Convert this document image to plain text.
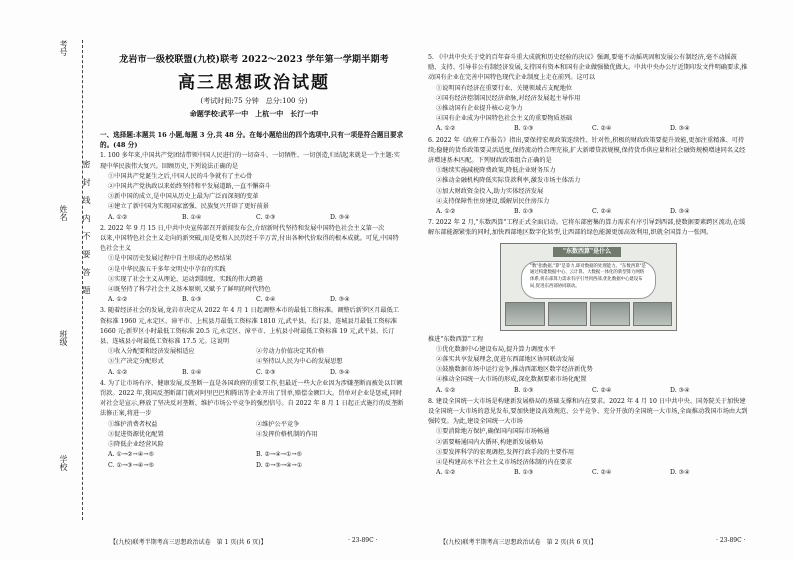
考号
姓名
班级
学校
密封线内不要答题
龙岩市一级校联盟(九校)联考 2022～2023 学年第一学期半期考
高三思想政治试题
(考试时间:75 分钟　总分:100 分)
命题学校:武平一中　上杭一中　长汀一中

一、选择题:本题共 16 小题,每题 3 分,共 48 分。在每小题给出的四个选项中,只有一项是符合题目要求的。(48 分)

1. 100 多年来,中国共产党团结带领中国人民进行的一切奋斗、一切牺牲、一切创造,归结起来就是一个主题:实现中华民族伟大复兴。回顾历史,下列说法正确的是

①中国共产党诞生之后,中国人民的斗争就有了主心骨

②中国共产党执政以来始终坚持和平发展道路,一直不懈奋斗

③新中国的成立,是中国从历史上最为广泛而深刻的变革

④建立了新中国为实现国家富强、民族复兴开辟了更好前景

A. ①②	B. ①④	C. ②③	D. ③④

2. 2022 年 9 月 15 日,中共中央宣传部召开新闻发布会,介绍新时代坚持和发展中国特色社会主义第一次

以来,中国特色社会主义走向的新突破,而是党和人民历经千辛万苦,付出各种代价取得的根本成就。可见,中国特色社会主义

①是中国历史发展过程中自主形成的必然结果

②是中华民族五千多年文明史中孕育的实践

③实现了社会主义从理论、运动到制度、实践的伟大跨越

④既坚持了科学社会主义基本原则,又赋予了鲜明的时代特色

A. ①②	B. ①③	C. ②④	D. ③④

3. 随着经济社会的发展,龙岩市决定从 2022 年 4 月 1 日起调整本市的最低工资标准。调整后新罗区月最低工资标准 1960 元,永定区、漳平市、上杭县月最低工资标准 1810 元,武平县、长汀县、连城县月最低工资标准 1660 元;新罗区小时最低工资标准 20.5 元,永定区、漳平市、上杭县小时最低工资标准 19 元,武平县、长汀县、连城县小时最低工资标准 17.5 元。这说明

①收入分配要和经济发展相适应	②劳动力价值决定其价格
③生产决定分配形式	④坚持以人民为中心的发展思想
A. ①②	B. ①④	C. ②③	D. ③④

4. 为了让市场有序、健康发展,反垄断一直是各国政府的重要工作,但最近一些大企业因为涉嫌垄断而被处以巨额罚款。2022 年,我国反垄断部门就对阿里巴巴和腾讯等企业开出了罚单,赔偿金额巨大。罚单对企业是惩戒,同时对社会是宣示,释放了坚决反对垄断、维护市场公平竞争的强烈信号。自 2022 年 8 月 1 日起正式施行的反垄断法修正案,将进一步

①维护消费者权益	②维护公平竞争
③促进资源优化配置	④发挥价格机制的作用
⑤降低企业经营风险
A. ①→②→④→⑤	B. ②→④→①→⑤
C. ①→③→④→⑤	D. ②→③→④→①

5. 《中共中央关于党的百年奋斗重大成就和历史经验的决议》强调,要毫不动摇巩固和发展公有制经济,毫不动摇鼓励、支持、引导非公有制经济发展,支持国有资本和国有企业做强做优做大。中共中央办公厅近期印发文件明确要求,推动国有企业在完善中国特色现代企业制度上走在前列。这可以

①说明国有经济在重要行业、关键领域占支配地位

②国有经济控制国民经济命脉,对经济发展起主导作用

③推动国有企业提升核心竞争力

④国有企业成为中国特色社会主义的重要物质基础

A. ①②	B. ①③	C. ②④	D. ③④

6. 2022 年《政府工作报告》指出,要保持宏观政策连续性、针对性,积极的财政政策要提升效能,更加注重精准、可持续;稳健的货币政策要灵活适度,保持流动性合理充裕,扩大新增贷款规模,保持货币供应量和社会融资规模增速同名义经济增速基本匹配。下列财政政策组合正确的是

①继续实施减税降费政策,降低企业财务压力

②推动金融机构降低实际贷款利率,激发市场主体活力

③加大财政资金投入,助力实体经济发展

④支持保障性住房建设,缓解居民住房压力

A. ①②	B. ①③	C. ②④	D. ③④

7. 2022 年 2 月,"东数西算"工程正式全面启动。它将东部密集的算力需求有序引导到西部,使数据要素跨区流动,在缓解东部能源紧张的同时,加快西部地区数字化转型,让西部的绿色能源更加高效利用,织就全国算力一张网。

"东数西算"是什么
"数"指数据,"算"是算力,即对数据的处理能力。"东数西算"是通过构建数据中心、云计算、大数据一体化的新型算力网络体系,将东部算力需求有序引导到西部,优化数据中心建设布局,促进东西部协同联动。

推进"东数西算"工程

①优化数据中心建设布局,提升算力调度水平

②落实共享发展理念,促进东西部地区协同联动发展

③鼓励数据市场中运行竞争,推动西部地区数字经济新优势

④推动全国统一大市场的形成,深化数据要素市场化配置

A. ①②	B. ①③	C. ②④	D. ③④

8. 建设全国统一大市场是构建新发展格局的基础支撑和内在要求。2022 年 4 月 10 日中共中央、国务院关于加快建设全国统一大市场的意见发布,要加快建设高效规范、公平竞争、充分开放的全国统一大市场,全面推动我国市场由大到强转变。为此,建设全国统一大市场

①要消除地方保护,确保国内国际市场畅通

②需要畅通国内大循环,构建新发展格局

③要发挥科学的宏观调控,发挥行政手段的主要作用

④是构建高水平社会主义市场经济体制的内在要求

A. ①②	B. ①③	C. ②④	D. ③④
【(九校)联考半期考高三思想政治试卷　第 1 页(共 6 页)】	· 23-89C ·	【(九校)联考半期考高三思想政治试卷　第 2 页(共 6 页)】	· 23-89C ·
